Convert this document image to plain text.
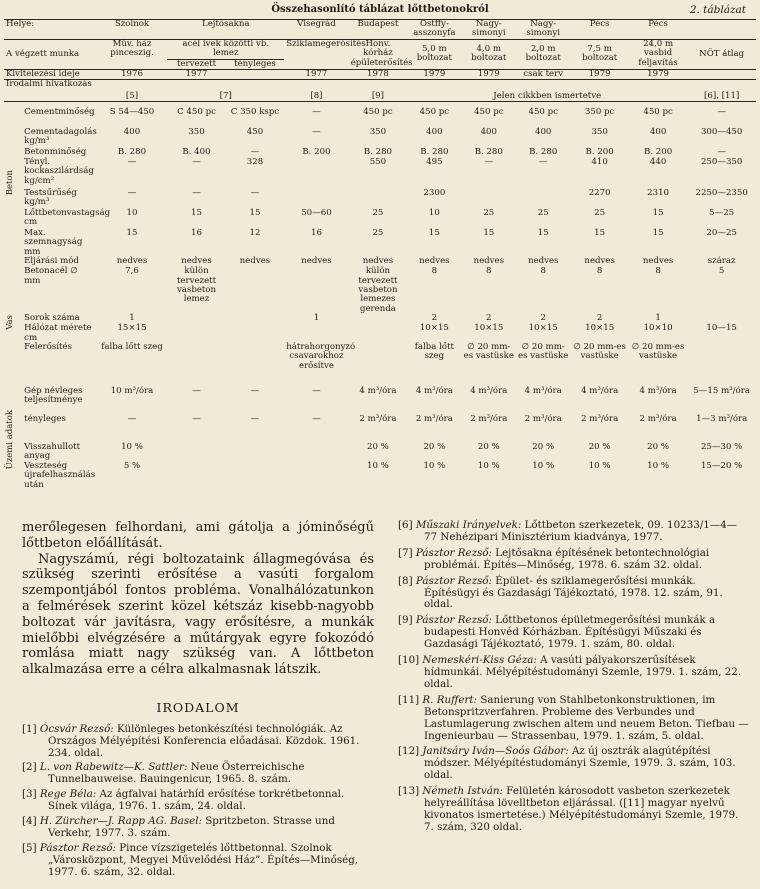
2. táblázat
Összehasonlító táblázat lőttbetonokról
Helye:		Szolnok	Lejtősakna		Visegrád	Budapest	Ostffy-asszonyfa	Nagy-simonyi	Nagy-simonyi	Pécs	Pécs	
A végzett munka		Műv. ház pinceszig.	acél ivek közötti vb. lemez		Sziklamegerősítés	Honv. kórház épületerősítés	5,0 m boltozat	4,0 m boltozat	2,0 m boltozat	7,5 m boltozat	24,0 m vasbid feljavítás	NÖT átlag
			tervezett	tényleges								
Kivitelezési ideje		1976	1977		1977	1978	1979	1979	csak terv	1979	1979	
Irodalmi hivatkozás		[5]	[7]		[8]	[9]	Jelen cikkben ismertetve					[6], [11]

Beton	Cementminőség	S 54—450	C 450 pc	C 350 kspc	—	450 pc	450 pc	450 pc	450 pc	350 pc	450 pc	—
	Cementadagolás kg/m³	400	350	450	—	350	400	400	400	350	400	300—450
	Betonminőség	B. 280	B. 400	—	B. 200	B. 280	B. 280	B. 280	B. 280	B. 200	B. 200	—
	Tényl. kockaszilárdság kg/cm²	—	—	328		550	495	—	—	410	440	250—350
	Testsűrűség kg/m³	—	—	—			2300			2270	2310	2250—2350
	Lőttbetonvastagság cm	10	15	15	50—60	25	10	25	25	25	15	5—25
	Max. szemnagyság mm	15	16	12	16	25	15	15	15	15	15	20—25

Vas	Eljárási mód	nedves	nedves	nedves	nedves	nedves	nedves	nedves	nedves	nedves	nedves	száraz
	Betonacél ∅ mm	7,6	külön tervezett vasbeton lemez			külön tervezett vasbeton lemezes gerenda	8	8	8	8	8	5
	Sorok száma	1			1		2	2	2	2	1	
	Hálózat mérete cm	15×15					10×15	10×15	10×15	10×15	10×10	10—15
	Felerősítés	falba lőtt szeg			hátrahorgonyzó csavarokhoz erősítve		falba lőtt szeg	∅ 20 mm-es vastüske	∅ 20 mm-es vastüske	∅ 20 mm-es vastüske	∅ 20 mm-es vastüske	

Üzemi adatok	Gép névleges teljesítménye	10 m³/óra	—	—	—	4 m³/óra	4 m³/óra	4 m³/óra	4 m³/óra	4 m³/óra	4 m³/óra	5—15 m³/óra
	tényleges	—	—	—	—	2 m³/óra	2 m³/óra	2 m³/óra	2 m³/óra	2 m³/óra	2 m³/óra	1—3 m³/óra
	Visszahullott anyag	10 %				20 %	20 %	20 %	20 %	20 %	20 %	25—30 %
	Veszteség újrafelhasználás után	5 %				10 %	10 %	10 %	10 %	10 %	10 %	15—20 %

merőlegesen felhordani, ami gátolja a jóminőségű lőttbeton előállítását.

Nagyszámú, régi boltozataink állagmegóvása és szükség szerinti erősítése a vasúti forgalom szempontjából fontos probléma. Vonalhálózatunkon a felmérések szerint közel kétszáz kisebb-nagyobb boltozat vár javításra, vagy erősítésre, a munkák mielőbbi elvégzésére a műtárgyak egyre fokozódó romlása miatt nagy szükség van. A lőttbeton alkalmazása erre a célra alkalmasnak látszik.

IRODALOM
[1] Ócsvár Rezső: Különleges betonkészítési technológiák. Az Országos Mélyépítési Konferencia előadásai. Közdok. 1961. 234. oldal.
[2] L. von Rabewitz—K. Sattler: Neue Österreichische Tunnelbauweise. Bauingenicur, 1965. 8. szám.
[3] Rege Béla: Az ágfalvai határhíd erősítése torkrétbetonnal. Sínek világa, 1976. 1. szám, 24. oldal.
[4] H. Zürcher—J. Rapp AG. Basel: Spritzbeton. Strasse und Verkehr, 1977. 3. szám.
[5] Pásztor Rezső: Pince vízszigetelés lőttbetonnal. Szolnok „Városközpont, Megyei Művelődési Ház”. Építés—Minőség, 1977. 6. szám, 32. oldal.
[6] Műszaki Irányelvek: Lőttbeton szerkezetek, 09. 10233/1—4—77 Nehézipari Minisztérium kiadványa, 1977.
[7] Pásztor Rezső: Lejtősakna építésének betontechnológiai problémái. Építés—Minőség, 1978. 6. szám 32. oldal.
[8] Pásztor Rezső: Épület- és sziklamegerősítési munkák. Építésügyi és Gazdasági Tájékoztató, 1978. 12. szám, 91. oldal.
[9] Pásztor Rezső: Lőttbetonos épületmegerősítési munkák a budapesti Honvéd Kórházban. Építésügyi Műszaki és Gazdasági Tájékoztató, 1979. 1. szám, 80. oldal.
[10] Nemeskéri-Kiss Géza: A vasúti pályakorszerűsítések hídmunkái. Mélyépítéstudományi Szemle, 1979. 1. szám, 22. oldal.
[11] R. Ruffert: Sanierung von Stahlbetonkonstruktionen, im Betonspritzverfahren. Probleme des Verbundes und Lastumlagerung zwischen altem und neuem Beton. Tiefbau — Ingenieurbau — Strassenbau, 1979. 1. szám, 5. oldal.
[12] Janitsáry Iván—Soós Gábor: Az új osztrák alagútépítési módszer. Mélyépítéstudományi Szemle, 1979. 3. szám, 103. oldal.
[13] Németh István: Felületén károsodott vasbeton szerkezetek helyreállítása lövelltbeton eljárással. ([11] magyar nyelvű kivonatos ismertetése.) Mélyépítéstudományi Szemle, 1979. 7. szám, 320 oldal.
